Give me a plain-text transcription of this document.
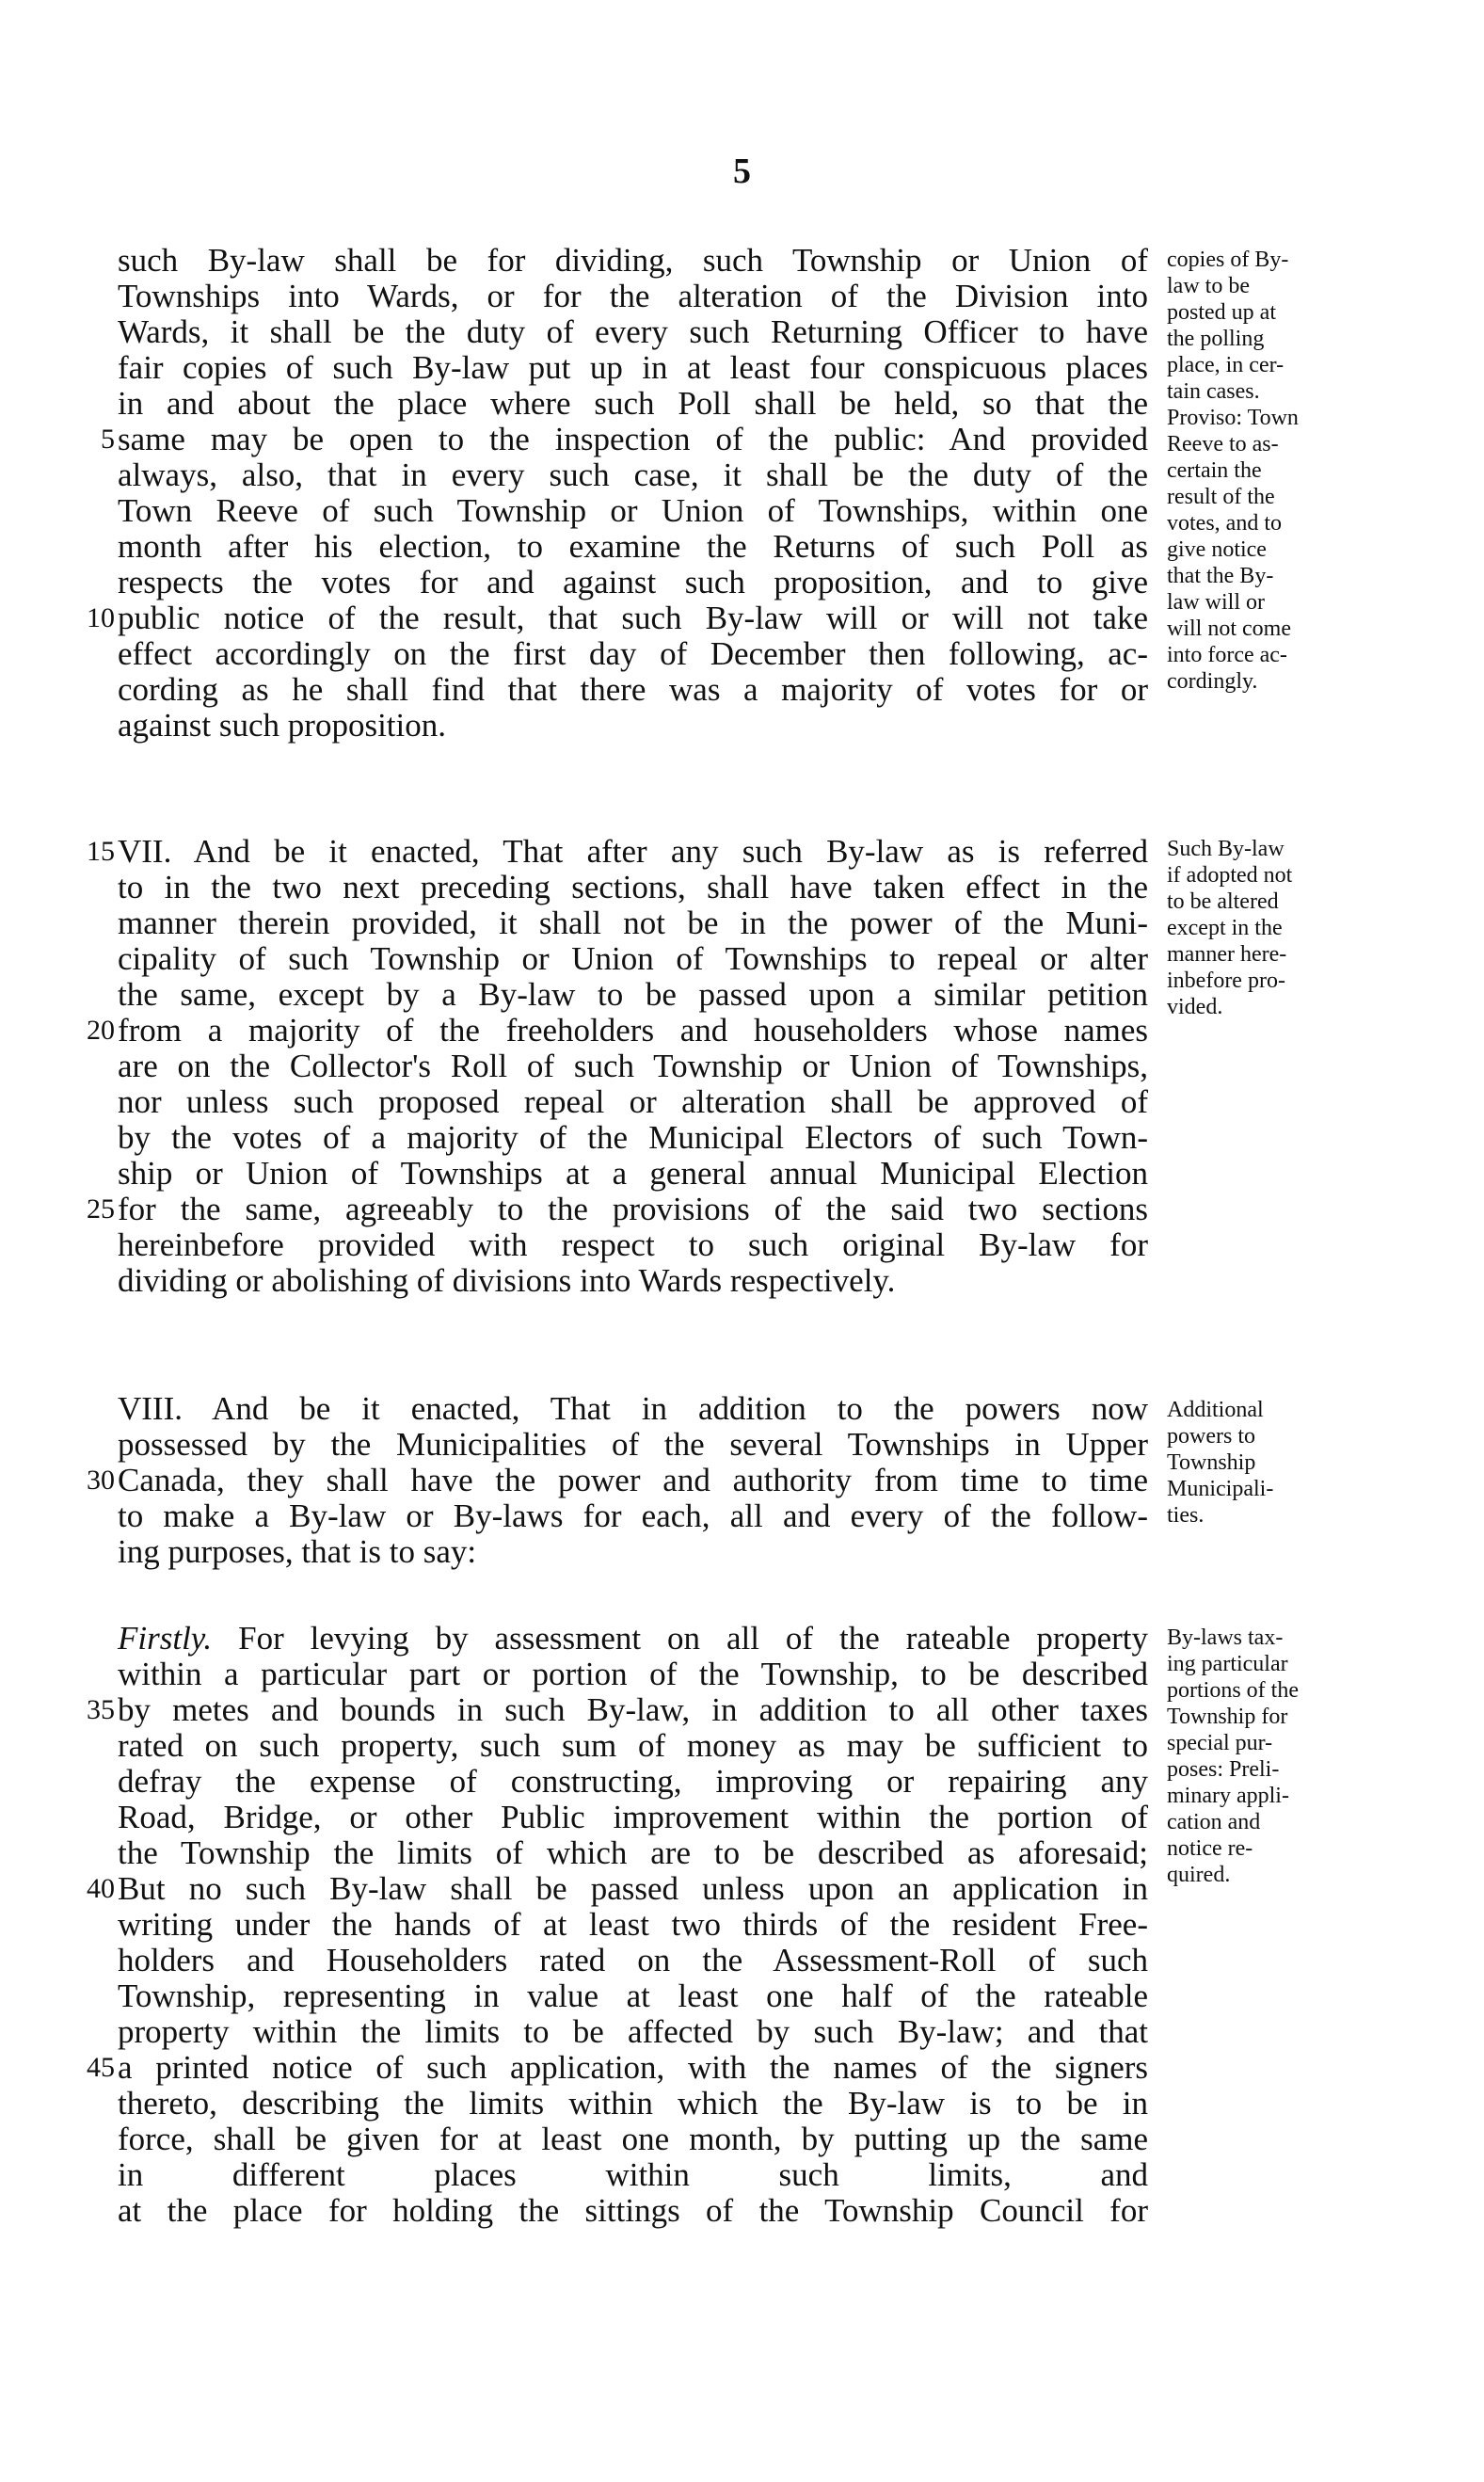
5
such By-law shall be for dividing, such Township or Union of
Townships into Wards, or for the alteration of the Division into
Wards, it shall be the duty of every such Returning Officer to have
fair copies of such By-law put up in at least four conspicuous places
in and about the place where such Poll shall be held, so that the
same may be open to the inspection of the public: And provided
5
always, also, that in every such case, it shall be the duty of the
Town Reeve of such Township or Union of Townships, within one
month after his election, to examine the Returns of such Poll as
respects the votes for and against such proposition, and to give
public notice of the result, that such By-law will or will not take
10
effect accordingly on the first day of December then following, ac-
cording as he shall find that there was a majority of votes for or
against such proposition.
copies of By-
law to be
posted up at
the polling
place, in cer-
tain cases.
Proviso: Town
Reeve to as-
certain the
result of the
votes, and to
give notice
that the By-
law will or
will not come
into force ac-
cordingly.
VII. And be it enacted, That after any such By-law as is referred
15
to in the two next preceding sections, shall have taken effect in the
manner therein provided, it shall not be in the power of the Muni-
cipality of such Township or Union of Townships to repeal or alter
the same, except by a By-law to be passed upon a similar petition
from a majority of the freeholders and householders whose names
20
are on the Collector's Roll of such Township or Union of Townships,
nor unless such proposed repeal or alteration shall be approved of
by the votes of a majority of the Municipal Electors of such Town-
ship or Union of Townships at a general annual Municipal Election
for the same, agreeably to the provisions of the said two sections
25
hereinbefore provided with respect to such original By-law for
dividing or abolishing of divisions into Wards respectively.
Such By-law
if adopted not
to be altered
except in the
manner here-
inbefore pro-
vided.
VIII. And be it enacted, That in addition to the powers now
possessed by the Municipalities of the several Townships in Upper
Canada, they shall have the power and authority from time to time
30
to make a By-law or By-laws for each, all and every of the follow-
ing purposes, that is to say:
Additional
powers to
Township
Municipali-
ties.
Firstly. For levying by assessment on all of the rateable property
within a particular part or portion of the Township, to be described
by metes and bounds in such By-law, in addition to all other taxes
35
rated on such property, such sum of money as may be sufficient to
defray the expense of constructing, improving or repairing any
Road, Bridge, or other Public improvement within the portion of
the Township the limits of which are to be described as aforesaid;
But no such By-law shall be passed unless upon an application in
40
writing under the hands of at least two thirds of the resident Free-
holders and Householders rated on the Assessment-Roll of such
Township, representing in value at least one half of the rateable
property within the limits to be affected by such By-law; and that
a printed notice of such application, with the names of the signers
45
thereto, describing the limits within which the By-law is to be in
force, shall be given for at least one month, by putting up the same
in different places within such limits, and
at the place for holding the sittings of the Township Council for
By-laws tax-
ing particular
portions of the
Township for
special pur-
poses: Preli-
minary appli-
cation and
notice re-
quired.
